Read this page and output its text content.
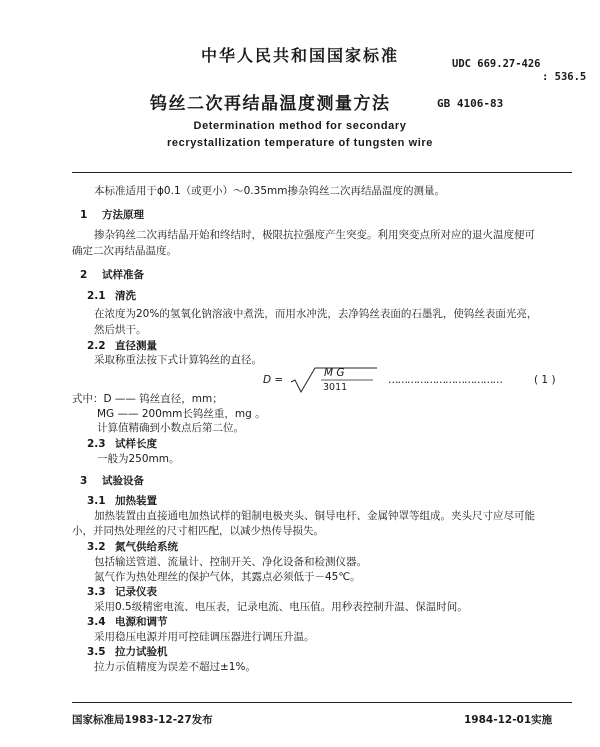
中华人民共和国国家标准	UDC 669.27-426
: 536.5
钨丝二次再结晶温度测量方法	GB 4106-83
Determination method for secondary
recrystallization temperature of tungsten wire
本标准适用于ϕ0.1（或更小）～0.35mm掺杂钨丝二次再结晶温度的测量。
1 方法原理
掺杂钨丝二次再结晶开始和终结时，极限抗拉强度产生突变。利用突变点所对应的退火温度便可
确定二次再结晶温度。
2 试样准备
2.1 清洗
在浓度为20%的氢氧化钠溶液中煮洗，而用水冲洗，去净钨丝表面的石墨乳，使钨丝表面光亮，
然后烘干。
2.2 直径测量
采取称重法按下式计算钨丝的直径。
D =
M G
3011
………………………………	( 1 )
式中：D —— 钨丝直径，mm；
MG —— 200mm长钨丝重，mg 。
计算值精确到小数点后第二位。
2.3 试样长度
一般为250mm。
3 试验设备
3.1 加热装置
加热装置由直接通电加热试样的钼制电极夹头、铜导电杆、金属钟罩等组成。夹头尺寸应尽可能
小，并同热处理丝的尺寸相匹配，以减少热传导损失。
3.2 氮气供给系统
包括输送管道、流量计、控制开关、净化设备和检测仪器。
氮气作为热处理丝的保护气体，其露点必须低于－45℃。
3.3 记录仪表
采用0.5级精密电流、电压表，记录电流、电压值。用秒表控制升温、保温时间。
3.4 电源和调节
采用稳压电源并用可控硅调压器进行调压升温。
3.5 拉力试验机
拉力示值精度为误差不超过±1%。
国家标准局1983-12-27发布	1984-12-01实施
